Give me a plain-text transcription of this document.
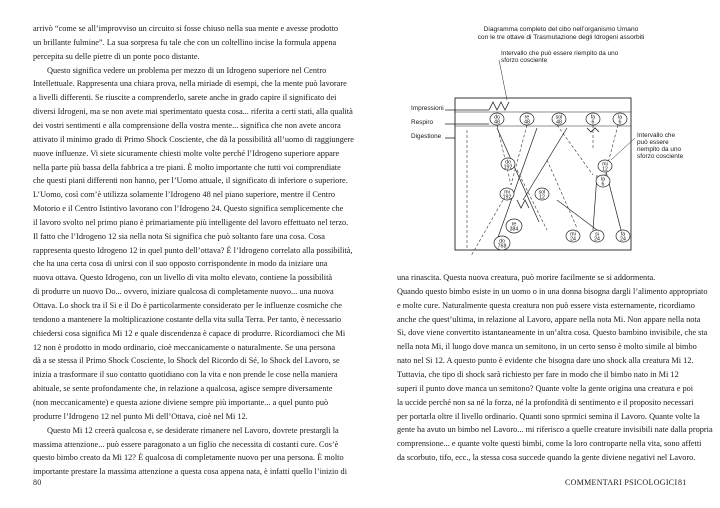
arrivò “come se all’improvviso un circuito si fosse chiuso nella sua mente e avesse prodotto
un brillante fulmine”. La sua sorpresa fu tale che con un coltellino incise la formula appena
percepita su delle pietre di un ponte poco distante.
Questo significa vedere un problema per mezzo di un Idrogeno superiore nel Centro
Intellettuale. Rappresenta una chiara prova, nella miriade di esempi, che la mente può lavorare
a livelli differenti. Se riuscite a comprenderlo, sarete anche in grado capire il significato dei
diversi Idrogeni, ma se non avete mai sperimentato questa cosa... riferita a certi stati, alla qualità
dei vostri sentimenti e alla comprensione della vostra mente... significa che non avete ancora
attivato il minimo grado di Primo Shock Cosciente, che dà la possibilità all’uomo di raggiungere
nuove influenze. Vi siete sicuramente chiesti molte volte perché l’Idrogeno superiore appare
nella parte più bassa della fabbrica a tre piani. È molto importante che tutti voi comprendiate
che questi piani differenti non hanno, per l’Uomo attuale, il significato di inferiore o superiore.
L’Uomo, così com’è utilizza solamente l’Idrogeno 48 nel piano superiore, mentre il Centro
Motorio e il Centro Istintivo lavorano con l’Idrogeno 24. Questo significa semplicemente che
il lavoro svolto nel primo piano è primariamente più intelligente del lavoro effettuato nel terzo.
Il fatto che l’Idrogeno 12 sia nella nota Si significa che può soltanto fare una cosa. Cosa
rappresenta questo Idrogeno 12 in quel punto dell’ottava? È l’Idrogeno correlato alla possibilità,
che ha una certa cosa di unirsi con il suo opposto corrispondente in modo da iniziare una
nuova ottava. Questo Idrogeno, con un livello di vita molto elevato, contiene la possibilità
di produrre un nuovo Do... ovvero, iniziare qualcosa di completamente nuovo... una nuova
Ottava. Lo shock tra il Si e il Do è particolarmente considerato per le influenze cosmiche che
tendono a mantenere la moltiplicazione costante della vita sulla Terra. Per tanto, è necessario
chiedersi cosa significa Mi 12 e quale discendenza è capace di produrre. Ricordiamoci che Mi
12 non è prodotto in modo ordinario, cioè meccanicamente o naturalmente. Se una persona
dà a se stessa il Primo Shock Cosciente, lo Shock del Ricordo di Sé, lo Shock del Lavoro, se
inizia a trasformare il suo contatto quotidiano con la vita e non prende le cose nella maniera
abituale, se sente profondamente che, in relazione a qualcosa, agisce sempre diversamente
(non meccanicamente) e questa azione diviene sempre più importante... a quel punto può
produrre l’Idrogeno 12 nel punto Mi dell’Ottava, cioè nel Mi 12.
Questo Mi 12 creerà qualcosa e, se desiderate rimanere nel Lavoro, dovrete prestargli la
massima attenzione... può essere paragonato a un figlio che necessita di costanti cure. Cos’è
questo bimbo creato da Mi 12? È qualcosa di completamente nuovo per una persona. È molto
importante prestare la massima attenzione a questa cosa appena nata, è infatti quello l’inizio di
80
Diagramma completo del cibo nell’organismo Umano
con le tre ottave di Trasmutazione degli Idrogeni assorbiti
Intervallo che può essere riempito da uno
sforzo cosciente
Impressioni
Respiro
Digestione	Intervallo che
può essere
riempito da uno
sforzo cosciente
do
48
re
48
sol
48
fa
6
la
6
mi
12
la
6
do
192
mi
192
sol
12
re
384
do
768
mi
24
si
24
fa
24
una rinascita. Questa nuova creatura, può morire facilmente se si addormenta.
Quando questo bimbo esiste in un uomo o in una donna bisogna dargli l’alimento appropriato
e molte cure. Naturalmente questa creatura non può essere vista esternamente, ricordiamo
anche che quest’ultima, in relazione al Lavoro, appare nella nota Mi. Non appare nella nota
Si, dove viene convertito istantaneamente in un’altra cosa. Questo bambino invisibile, che sta
nella nota Mi, il luogo dove manca un semitono, in un certo senso è molto simile al bimbo
nato nel Si 12. A questo punto è evidente che bisogna dare uno shock alla creatura Mi 12.
Tuttavia, che tipo di shock sarà richiesto per fare in modo che il bimbo nato in Mi 12
superi il punto dove manca un semitono? Quante volte la gente origina una creatura e poi
la uccide perché non sa né la forza, né la profondità di sentimento e il proposito necessari
per portarla oltre il livello ordinario. Quanti sono sprmici semina il Lavoro. Quante volte la
gente ha avuto un bimbo nel Lavoro... mi riferisco a quelle creature invisibili nate dalla propria
comprensione... e quante volte questi bimbi, come la loro controparte nella vita, sono affetti
da scorbuto, tifo, ecc., la stessa cosa succede quando la gente diviene negativi nel Lavoro.
COMMENTARI PSICOLOGICI 81
